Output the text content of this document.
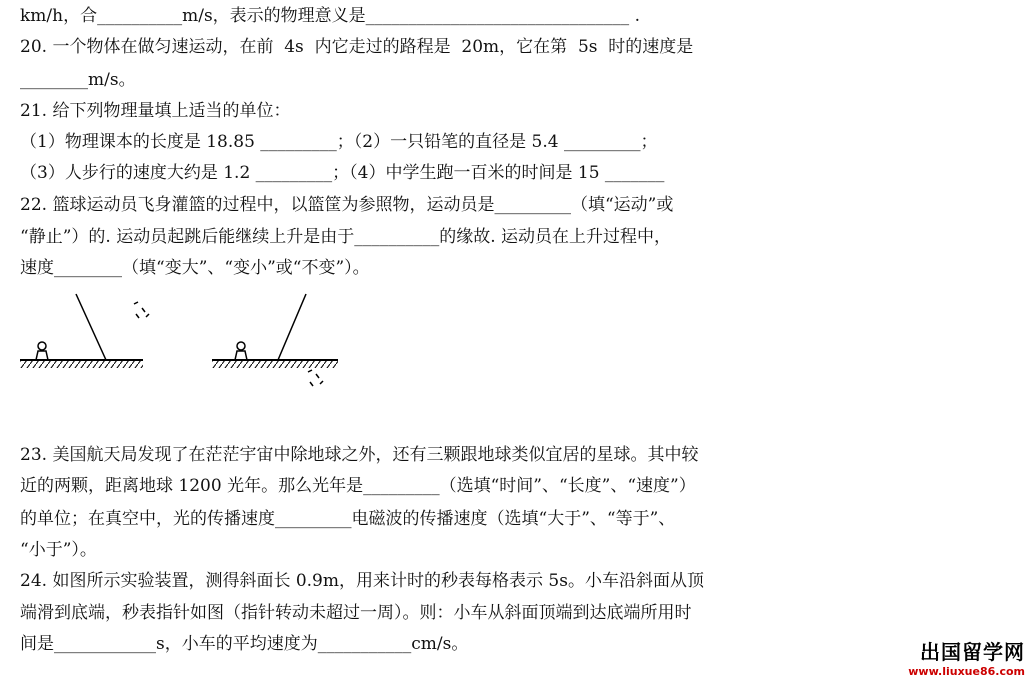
km/h，合__________m/s，表示的物理意义是_______________________________ .
20. 一个物体在做匀速运动，在前  4s  内它走过的路程是  20m，它在第  5s  时的速度是
________m/s。
21. 给下列物理量填上适当的单位：
（1）物理课本的长度是 18.85 _________；（2）一只铅笔的直径是 5.4 _________；
（3）人步行的速度大约是 1.2 _________；（4）中学生跑一百米的时间是 15 _______
22. 篮球运动员飞身灌篮的过程中，以篮筐为参照物，运动员是_________（填“运动”或
“静止”）的. 运动员起跳后能继续上升是由于__________的缘故. 运动员在上升过程中，
速度________（填“变大”、“变小”或“不变”）。
23. 美国航天局发现了在茫茫宇宙中除地球之外，还有三颗跟地球类似宜居的星球。其中较
近的两颗，距离地球 1200 光年。那么光年是_________（选填“时间”、“长度”、“速度”）
的单位；在真空中，光的传播速度_________电磁波的传播速度（选填“大于”、“等于”、
“小于”）。
24. 如图所示实验装置，测得斜面长 0.9m，用来计时的秒表每格表示 5s。小车沿斜面从顶
端滑到底端，秒表指针如图（指针转动未超过一周）。则：小车从斜面顶端到达底端所用时
间是____________s，小车的平均速度为___________cm/s。	出国留学网
www.liuxue86.com
